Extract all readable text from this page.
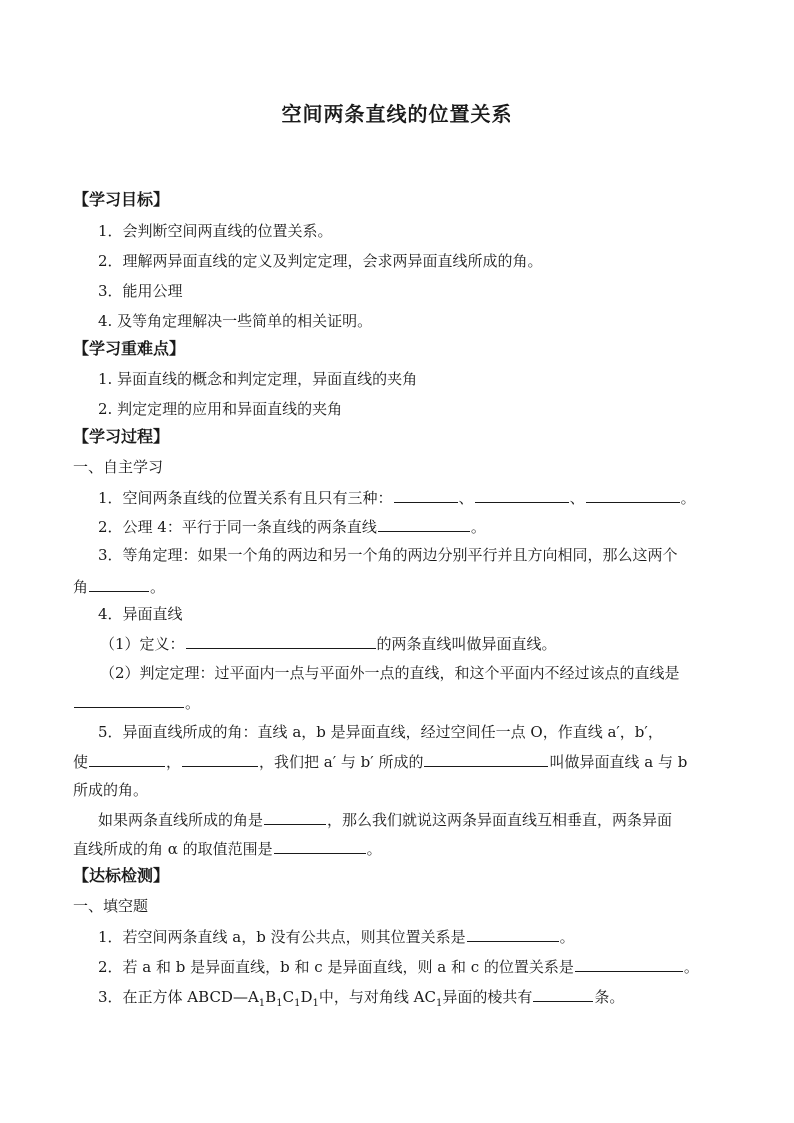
空间两条直线的位置关系
【学习目标】
1．会判断空间两直线的位置关系。
2．理解两异面直线的定义及判定定理，会求两异面直线所成的角。
3．能用公理
4. 及等角定理解决一些简单的相关证明。
【学习重难点】
1. 异面直线的概念和判定定理，异面直线的夹角
2. 判定定理的应用和异面直线的夹角
【学习过程】
一、自主学习
1．空间两条直线的位置关系有且只有三种：	、	、	。
2．公理 4：平行于同一条直线的两条直线	。
3．等角定理：如果一个角的两边和另一个角的两边分别平行并且方向相同，那么这两个
角	。
4．异面直线
（1）定义：	的两条直线叫做异面直线。
（2）判定定理：过平面内一点与平面外一点的直线，和这个平面内不经过该点的直线是
。
5．异面直线所成的角：直线 a，b 是异面直线，经过空间任一点 O，作直线 a′，b′，
使	，	，我们把 a′ 与 b′ 所成的	叫做异面直线 a 与 b
所成的角。
如果两条直线所成的角是	，那么我们就说这两条异面直线互相垂直，两条异面
直线所成的角 α 的取值范围是	。
【达标检测】
一、填空题
1．若空间两条直线 a，b 没有公共点，则其位置关系是	。
2．若 a 和 b 是异面直线，b 和 c 是异面直线，则 a 和 c 的位置关系是	。
3．在正方体 $ABCD—A_1B_1C_1D_1$中，与对角线 $AC_1$异面的棱共有	条。
